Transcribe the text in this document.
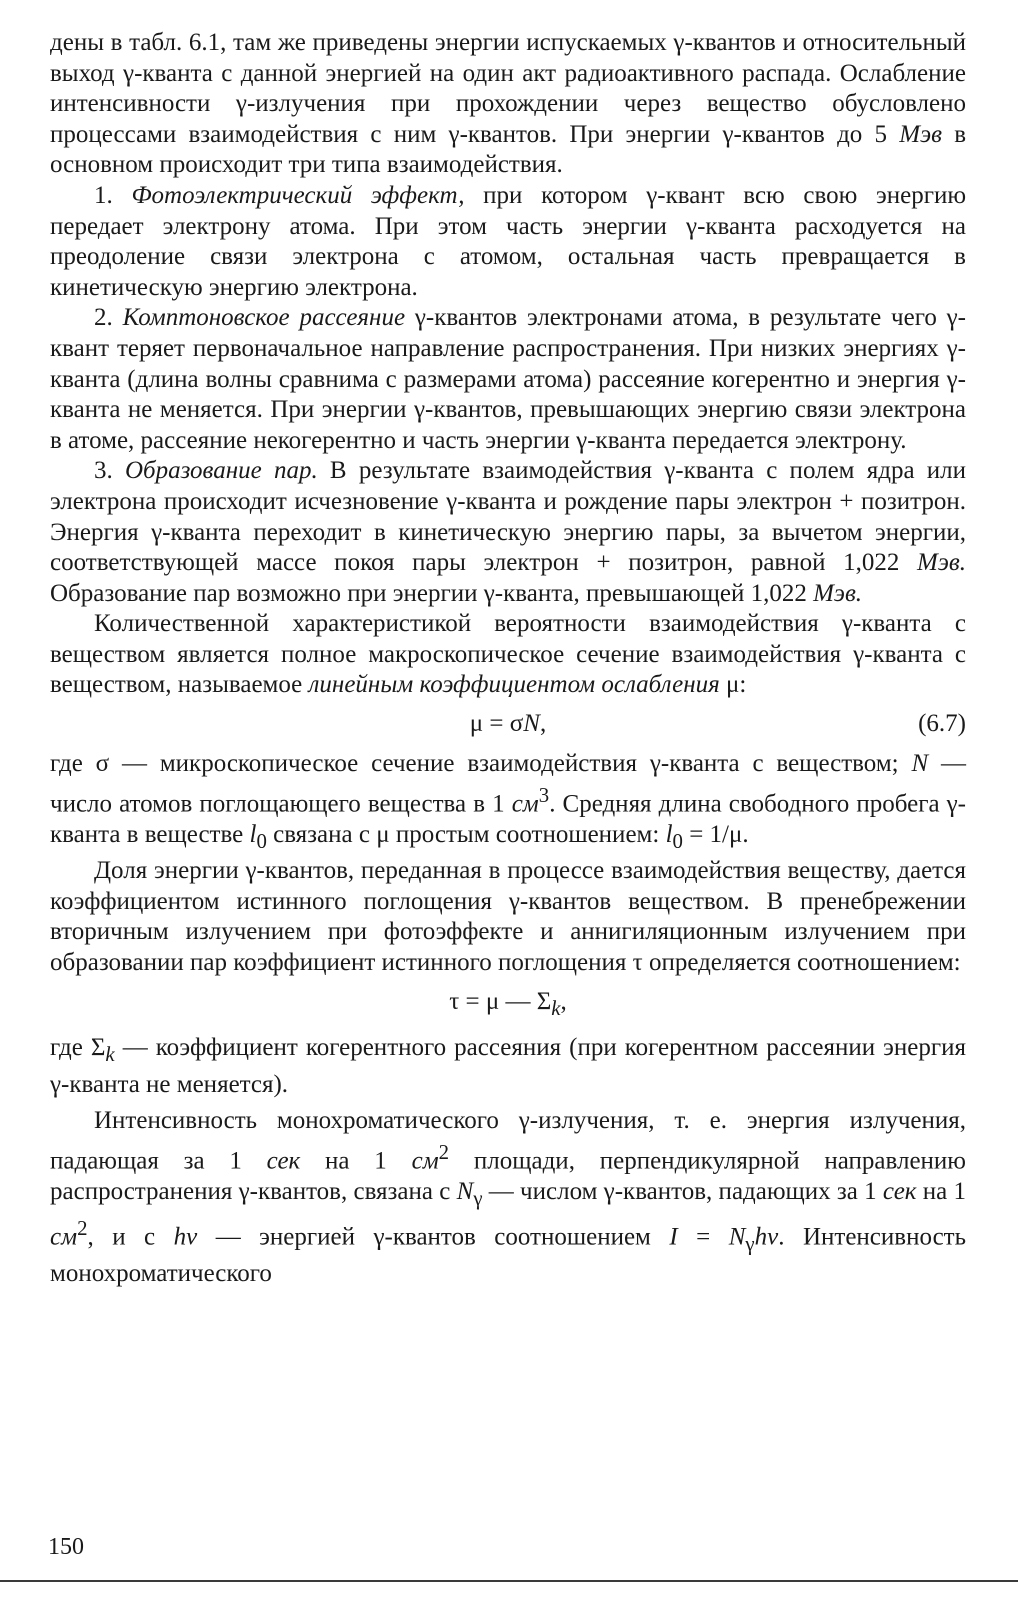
дены в табл. 6.1, там же приведены энергии испускаемых γ-квантов и относительный выход γ-кванта с данной энергией на один акт радиоактивного распада. Ослабление интенсивности γ-излучения при прохождении через вещество обусловлено процессами взаимодействия с ним γ-квантов. При энергии γ-квантов до 5 Мэв в основном происходит три типа взаимодействия.

1. Фотоэлектрический эффект, при котором γ-квант всю свою энергию передает электрону атома. При этом часть энергии γ-кванта расходуется на преодоление связи электрона с атомом, остальная часть превращается в кинетическую энергию электрона.

2. Комптоновское рассеяние γ-квантов электронами атома, в результате чего γ-квант теряет первоначальное направление распространения. При низких энергиях γ-кванта (длина волны сравнима с размерами атома) рассеяние когерентно и энергия γ-кванта не меняется. При энергии γ-квантов, превышающих энергию связи электрона в атоме, рассеяние некогерентно и часть энергии γ-кванта передается электрону.

3. Образование пар. В результате взаимодействия γ-кванта с полем ядра или электрона происходит исчезновение γ-кванта и рождение пары электрон + позитрон. Энергия γ-кванта переходит в кинетическую энергию пары, за вычетом энергии, соответствующей массе покоя пары электрон + позитрон, равной 1,022 Мэв. Образование пар возможно при энергии γ-кванта, превышающей 1,022 Мэв.

Количественной характеристикой вероятности взаимодействия γ-кванта с веществом является полное макроскопическое сечение взаимодействия γ-кванта с веществом, называемое линейным коэффициентом ослабления μ:

μ = σN,	(6.7)

где σ — микроскопическое сечение взаимодействия γ-кванта с веществом; N — число атомов поглощающего вещества в 1 $см^3$. Средняя длина свободного пробега γ-кванта в веществе $l_0$ связана с μ простым соотношением: $l_0 = 1/\mu$.

Доля энергии γ-квантов, переданная в процессе взаимодействия веществу, дается коэффициентом истинного поглощения γ-квантов веществом. В пренебрежении вторичным излучением при фотоэффекте и аннигиляционным излучением при образовании пар коэффициент истинного поглощения τ определяется соотношением:

τ = μ — $\Sigma_k$,

где $\Sigma_k$ — коэффициент когерентного рассеяния (при когерентном рассеянии энергия γ-кванта не меняется).

Интенсивность монохроматического γ-излучения, т. е. энергия излучения, падающая за 1 сек на 1 $см^2$ площади, перпендикулярной направлению распространения γ-квантов, связана с $N_\gamma$ — числом γ-квантов, падающих за 1 сек на 1 $см^2$, и с hν — энергией γ-квантов соотношением $I = N_\gamma h\nu$. Интенсивность монохроматического

150
